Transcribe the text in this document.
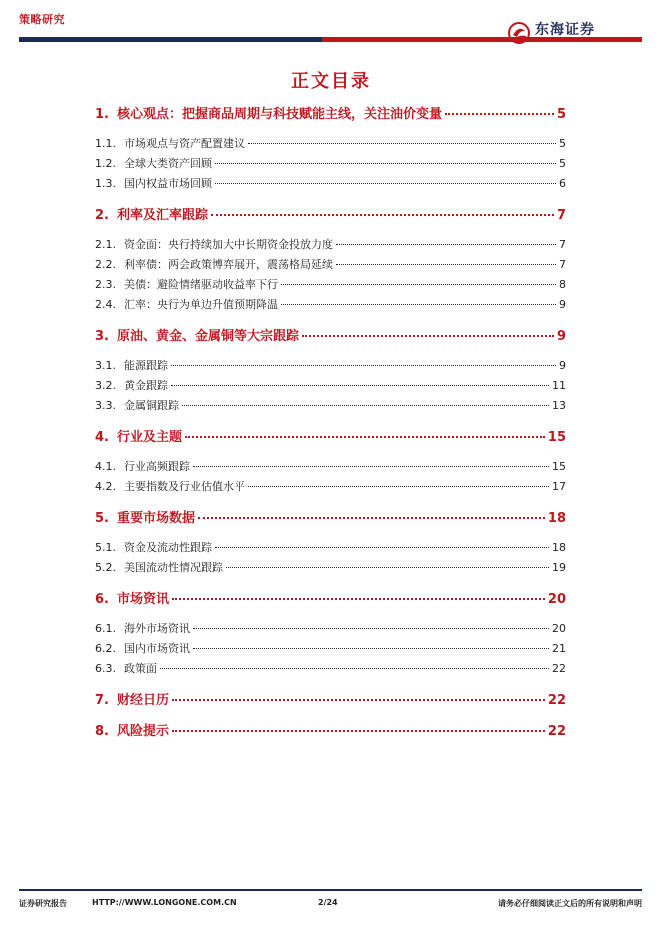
策略研究
东海证券
正文目录
1. 核心观点：把握商品周期与科技赋能主线，关注油价变量	5
1.1. 市场观点与资产配置建议	5
1.2. 全球大类资产回顾	5
1.3. 国内权益市场回顾	6
2. 利率及汇率跟踪	7
2.1. 资金面：央行持续加大中长期资金投放力度	7
2.2. 利率债：两会政策博弈展开，震荡格局延续	7
2.3. 美债：避险情绪驱动收益率下行	8
2.4. 汇率：央行为单边升值预期降温	9
3. 原油、黄金、金属铜等大宗跟踪	9
3.1. 能源跟踪	9
3.2. 黄金跟踪	11
3.3. 金属铜跟踪	13
4. 行业及主题	15
4.1. 行业高频跟踪	15
4.2. 主要指数及行业估值水平	17
5. 重要市场数据	18
5.1. 资金及流动性跟踪	18
5.2. 美国流动性情况跟踪	19
6. 市场资讯	20
6.1. 海外市场资讯	20
6.2. 国内市场资讯	21
6.3. 政策面	22
7. 财经日历	22
8. 风险提示	22
证券研究报告	HTTP://WWW.LONGONE.COM.CN	2/24	请务必仔细阅读正文后的所有说明和声明
